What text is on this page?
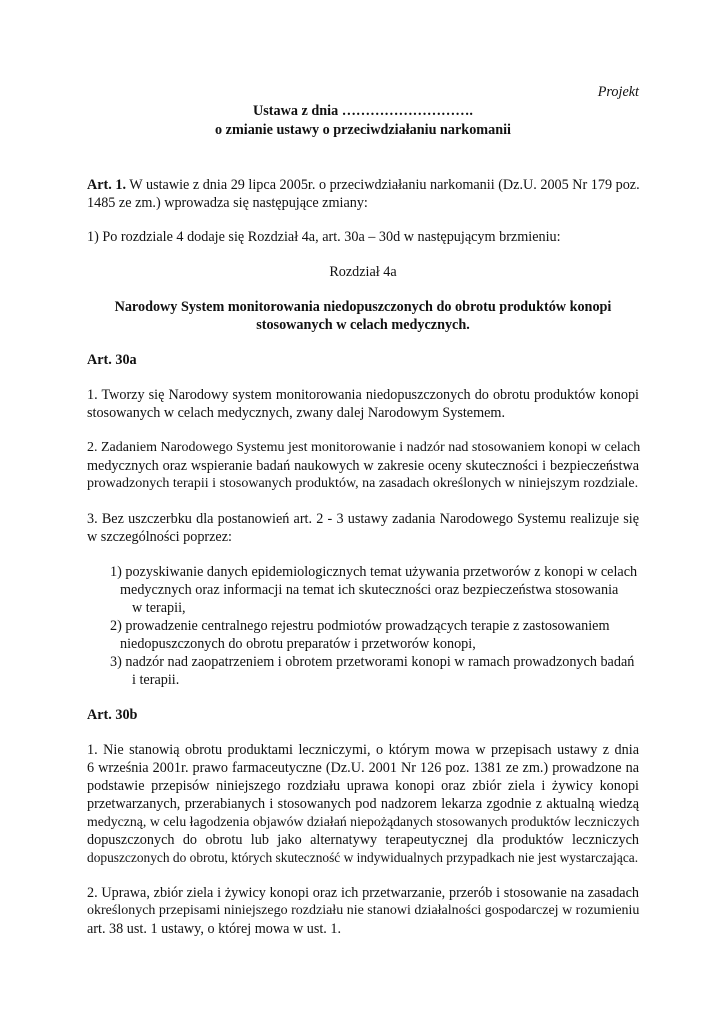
Projekt
Ustawa z dnia ……………………….
o zmianie ustawy o przeciwdziałaniu narkomanii
Art. 1. W ustawie z dnia 29 lipca 2005r. o przeciwdziałaniu narkomanii (Dz.U. 2005 Nr 179 poz.
1485 ze zm.) wprowadza się następujące zmiany:
1) Po rozdziale 4 dodaje się Rozdział 4a, art. 30a – 30d w następującym brzmieniu:
Rozdział 4a
Narodowy System monitorowania niedopuszczonych do obrotu produktów konopi
stosowanych w celach medycznych.
Art. 30a
1. Tworzy się Narodowy system monitorowania niedopuszczonych do obrotu produktów konopi
stosowanych w celach medycznych, zwany dalej Narodowym Systemem.
2. Zadaniem Narodowego Systemu jest monitorowanie i nadzór nad stosowaniem konopi w celach
medycznych oraz wspieranie badań naukowych w zakresie oceny skuteczności i bezpieczeństwa
prowadzonych terapii i stosowanych produktów, na zasadach określonych w niniejszym rozdziale.
3. Bez uszczerbku dla postanowień art. 2 - 3 ustawy zadania Narodowego Systemu realizuje się
w szczególności poprzez:
1) pozyskiwanie danych epidemiologicznych temat używania przetworów z konopi w celach
medycznych oraz informacji na temat ich skuteczności oraz bezpieczeństwa stosowania
w terapii,
2) prowadzenie centralnego rejestru podmiotów prowadzących terapie z zastosowaniem
niedopuszczonych do obrotu preparatów i przetworów konopi,
3) nadzór nad zaopatrzeniem i obrotem przetworami konopi w ramach prowadzonych badań
i terapii.
Art. 30b
1. Nie stanowią obrotu produktami leczniczymi, o którym mowa w przepisach ustawy z dnia
6 września 2001r. prawo farmaceutyczne (Dz.U. 2001 Nr 126 poz. 1381 ze zm.) prowadzone na
podstawie przepisów niniejszego rozdziału uprawa konopi oraz zbiór ziela i żywicy konopi
przetwarzanych, przerabianych i stosowanych pod nadzorem lekarza zgodnie z aktualną wiedzą
medyczną, w celu łagodzenia objawów działań niepożądanych stosowanych produktów leczniczych
dopuszczonych do obrotu lub jako alternatywy terapeutycznej dla produktów leczniczych
dopuszczonych do obrotu, których skuteczność w indywidualnych przypadkach nie jest wystarczająca.
2. Uprawa, zbiór ziela i żywicy konopi oraz ich przetwarzanie, przerób i stosowanie na zasadach
określonych przepisami niniejszego rozdziału nie stanowi działalności gospodarczej w rozumieniu
art. 38 ust. 1 ustawy, o której mowa w ust. 1.
